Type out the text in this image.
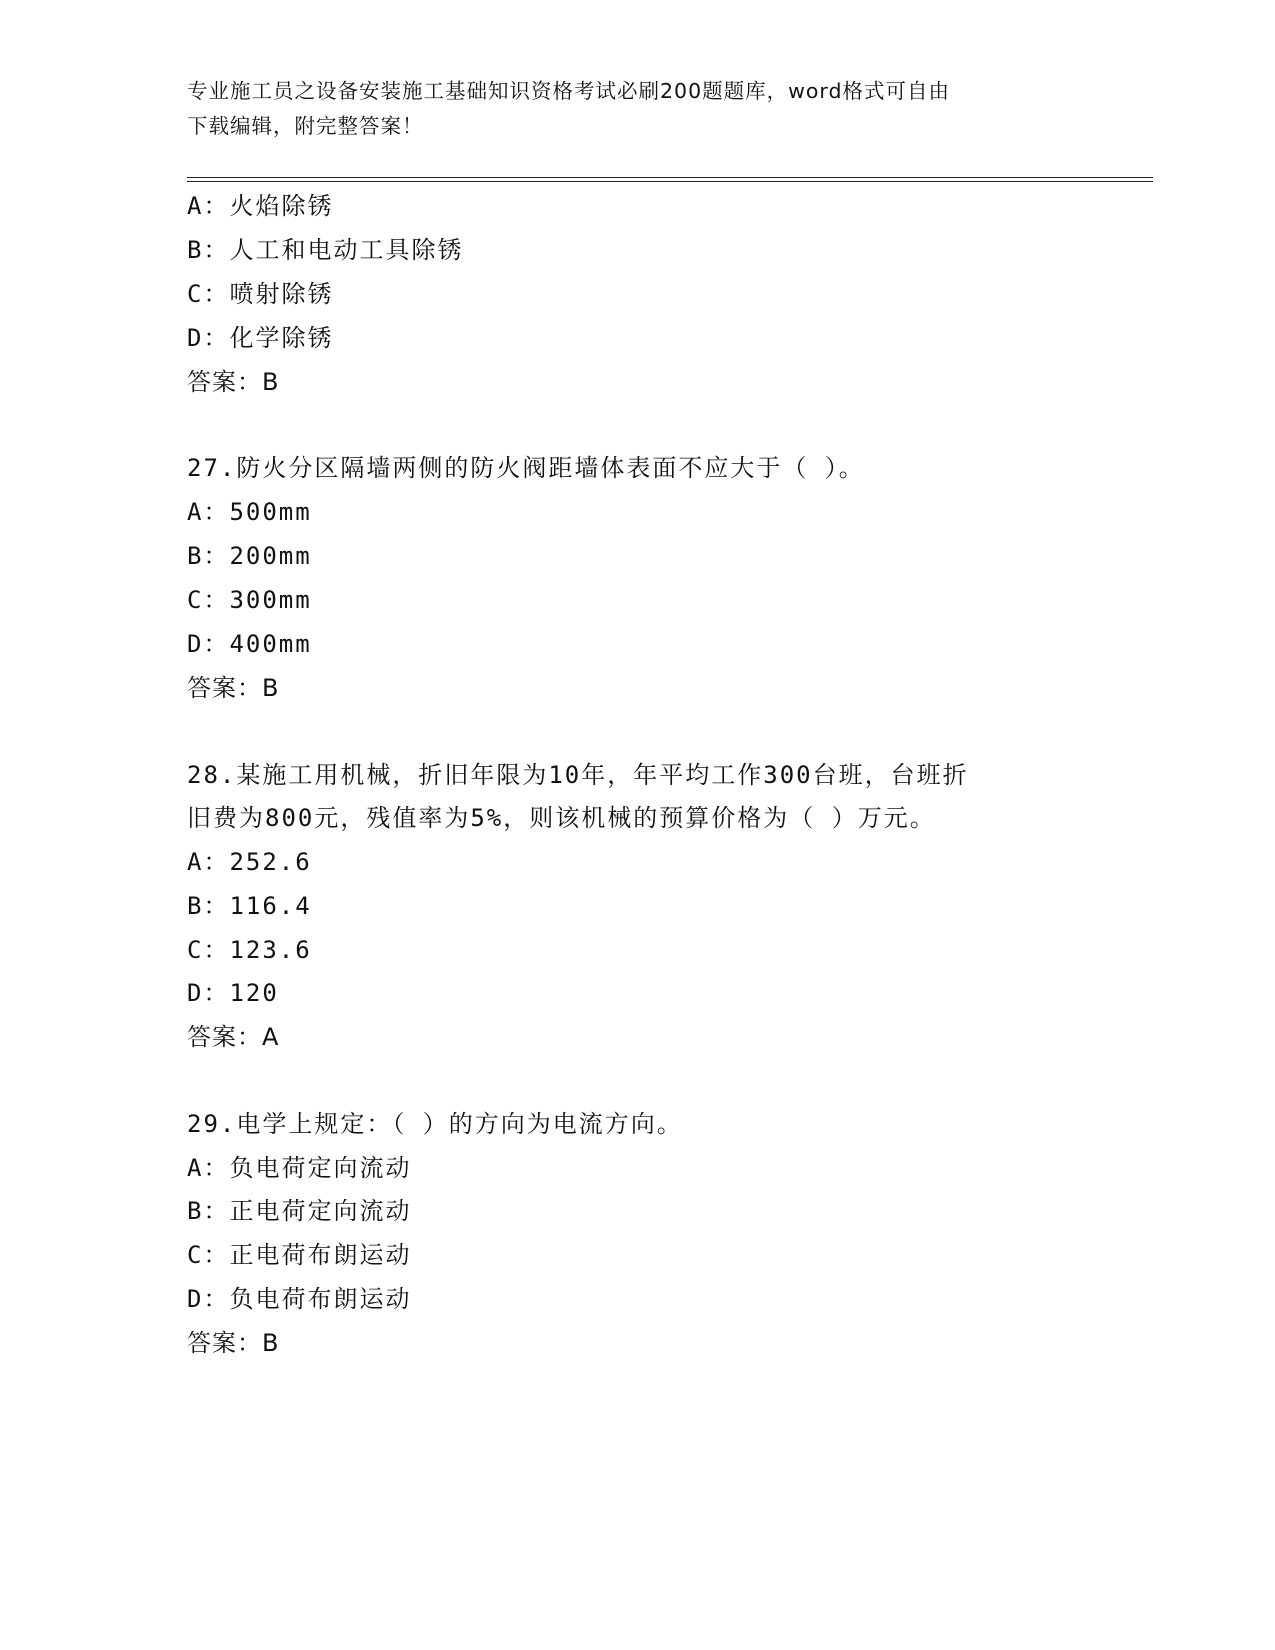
专业施工员之设备安装施工基础知识资格考试必刷200题题库，word格式可自由
下载编辑，附完整答案！
A：火焰除锈
B：人工和电动工具除锈
C：喷射除锈
D：化学除锈
答案：B
27.防火分区隔墙两侧的防火阀距墙体表面不应大于（ ）。
A：500mm
B：200mm
C：300mm
D：400mm
答案：B
28.某施工用机械，折旧年限为10年，年平均工作300台班，台班折
旧费为800元，残值率为5%，则该机械的预算价格为（ ）万元。
A：252.6
B：116.4
C：123.6
D：120
答案：A
29.电学上规定：（ ）的方向为电流方向。
A：负电荷定向流动
B：正电荷定向流动
C：正电荷布朗运动
D：负电荷布朗运动
答案：B
